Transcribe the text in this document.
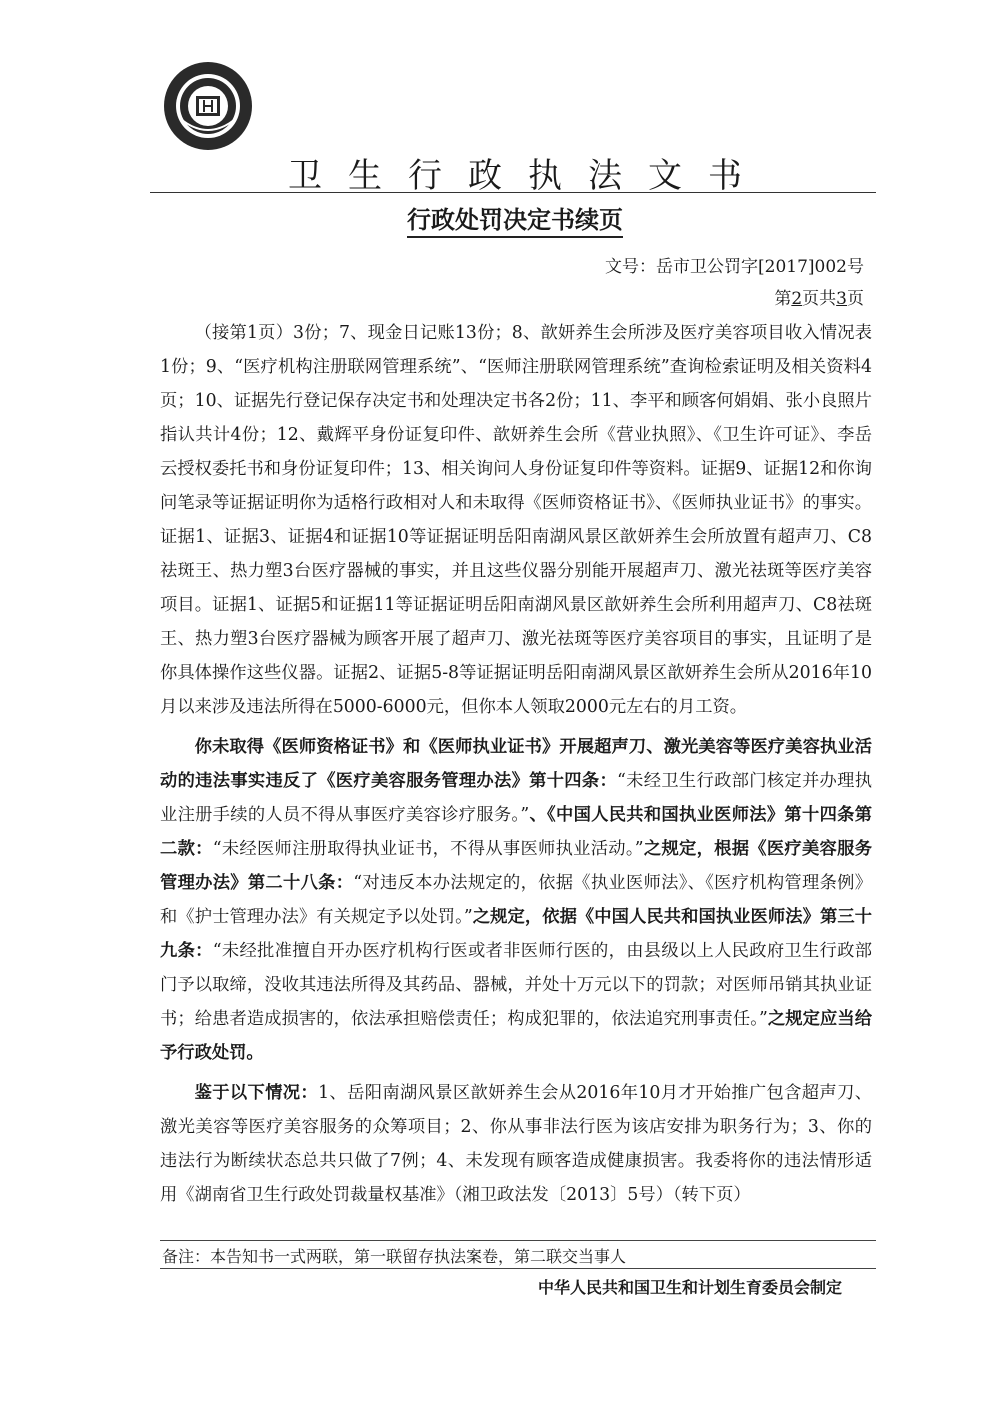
卫生行政执法文书
行政处罚决定书续页
文号：岳市卫公罚字[2017]002号
第2页共3页

（接第1页）3份；7、现金日记账13份；8、歆妍养生会所涉及医疗美容项目收入情况表1份；9、“医疗机构注册联网管理系统”、“医师注册联网管理系统”查询检索证明及相关资料4页；10、证据先行登记保存决定书和处理决定书各2份；11、李平和顾客何娟娟、张小良照片指认共计4份；12、戴辉平身份证复印件、歆妍养生会所《营业执照》、《卫生许可证》、李岳云授权委托书和身份证复印件；13、相关询问人身份证复印件等资料。证据9、证据12和你询问笔录等证据证明你为适格行政相对人和未取得《医师资格证书》、《医师执业证书》的事实。证据1、证据3、证据4和证据10等证据证明岳阳南湖风景区歆妍养生会所放置有超声刀、C8祛斑王、热力塑3台医疗器械的事实，并且这些仪器分别能开展超声刀、激光祛斑等医疗美容项目。证据1、证据5和证据11等证据证明岳阳南湖风景区歆妍养生会所利用超声刀、C8祛斑王、热力塑3台医疗器械为顾客开展了超声刀、激光祛斑等医疗美容项目的事实，且证明了是你具体操作这些仪器。证据2、证据5-8等证据证明岳阳南湖风景区歆妍养生会所从2016年10月以来涉及违法所得在5000-6000元，但你本人领取2000元左右的月工资。

你未取得《医师资格证书》和《医师执业证书》开展超声刀、激光美容等医疗美容执业活动的违法事实违反了《医疗美容服务管理办法》第十四条：“未经卫生行政部门核定并办理执业注册手续的人员不得从事医疗美容诊疗服务。”、《中国人民共和国执业医师法》第十四条第二款：“未经医师注册取得执业证书，不得从事医师执业活动。”之规定，根据《医疗美容服务管理办法》第二十八条：“对违反本办法规定的，依据《执业医师法》、《医疗机构管理条例》和《护士管理办法》有关规定予以处罚。”之规定，依据《中国人民共和国执业医师法》第三十九条：“未经批准擅自开办医疗机构行医或者非医师行医的，由县级以上人民政府卫生行政部门予以取缔，没收其违法所得及其药品、器械，并处十万元以下的罚款；对医师吊销其执业证书；给患者造成损害的，依法承担赔偿责任；构成犯罪的，依法追究刑事责任。”之规定应当给予行政处罚。

鉴于以下情况：1、岳阳南湖风景区歆妍养生会从2016年10月才开始推广包含超声刀、激光美容等医疗美容服务的众筹项目；2、你从事非法行医为该店安排为职务行为；3、你的违法行为断续状态总共只做了7例；4、未发现有顾客造成健康损害。我委将你的违法情形适用《湖南省卫生行政处罚裁量权基准》（湘卫政法发〔2013〕5号）（转下页）

备注：本告知书一式两联，第一联留存执法案卷，第二联交当事人
中华人民共和国卫生和计划生育委员会制定
